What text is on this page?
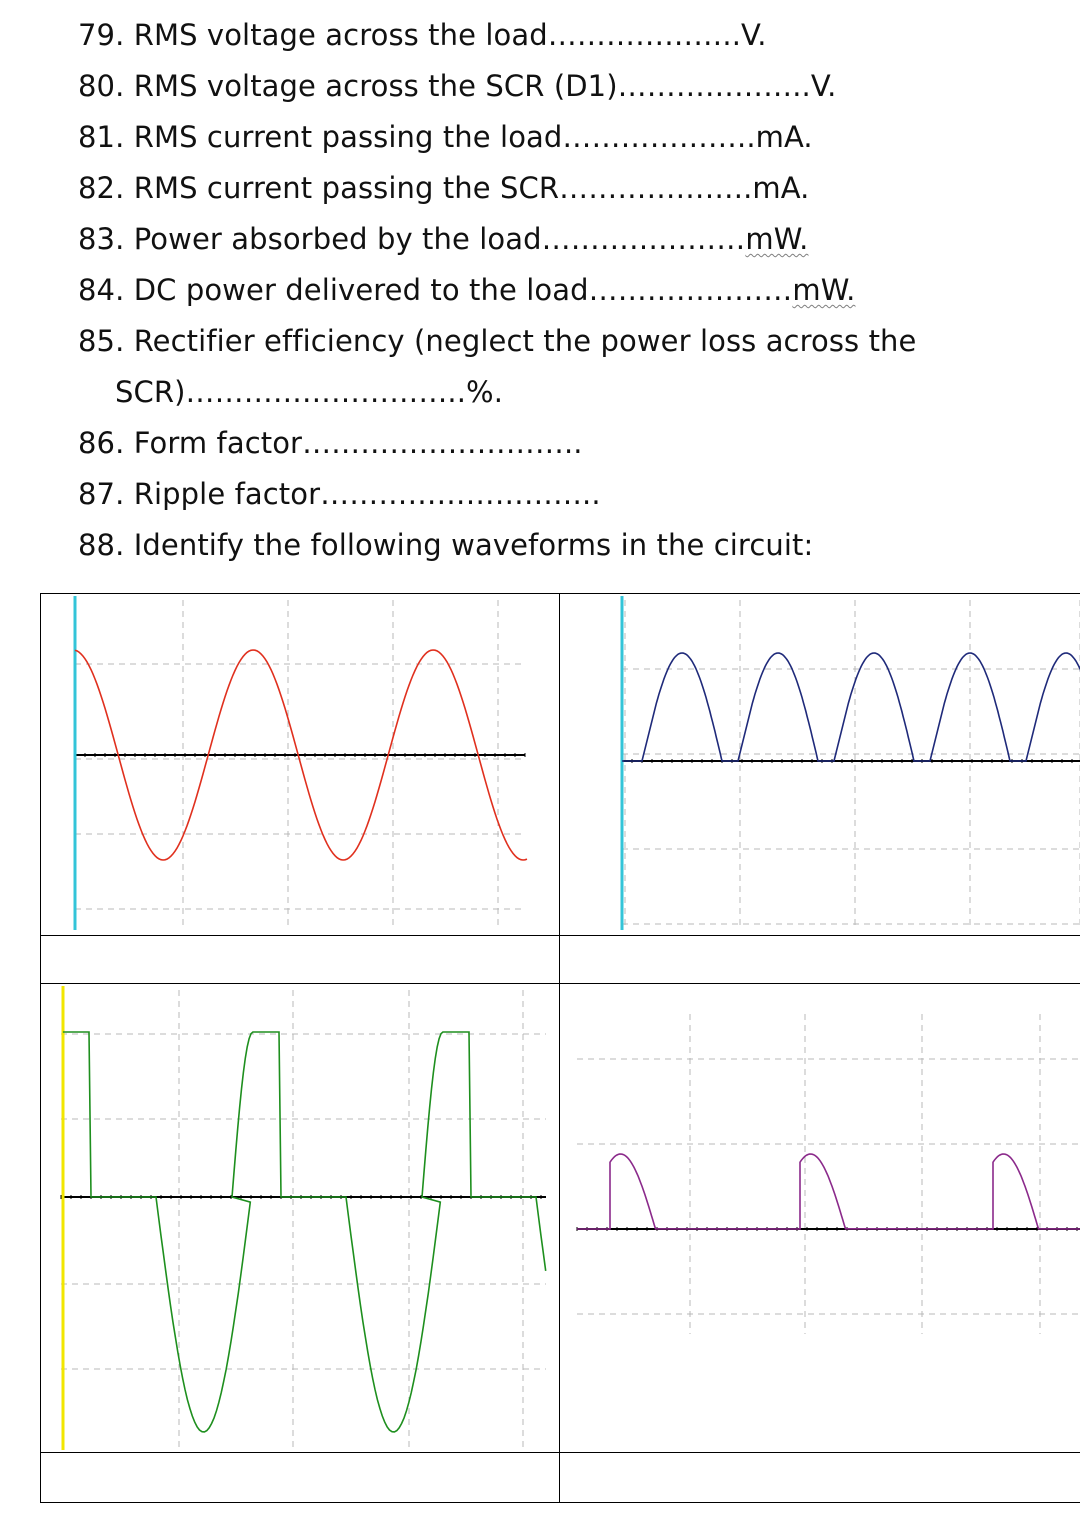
79. RMS voltage across the load………………..V.
80. RMS voltage across the SCR (D1)………………..V.
81. RMS current passing the load………………..mA.
82. RMS current passing the SCR………………..mA.
83. Power absorbed by the load…………………mW.
84. DC power delivered to the load…………………mW.
85. Rectifier efficiency (neglect the power loss across the
SCR)………………………..%.
86. Form factor………………………..
87. Ripple factor………………………..
88. Identify the following waveforms in the circuit:
